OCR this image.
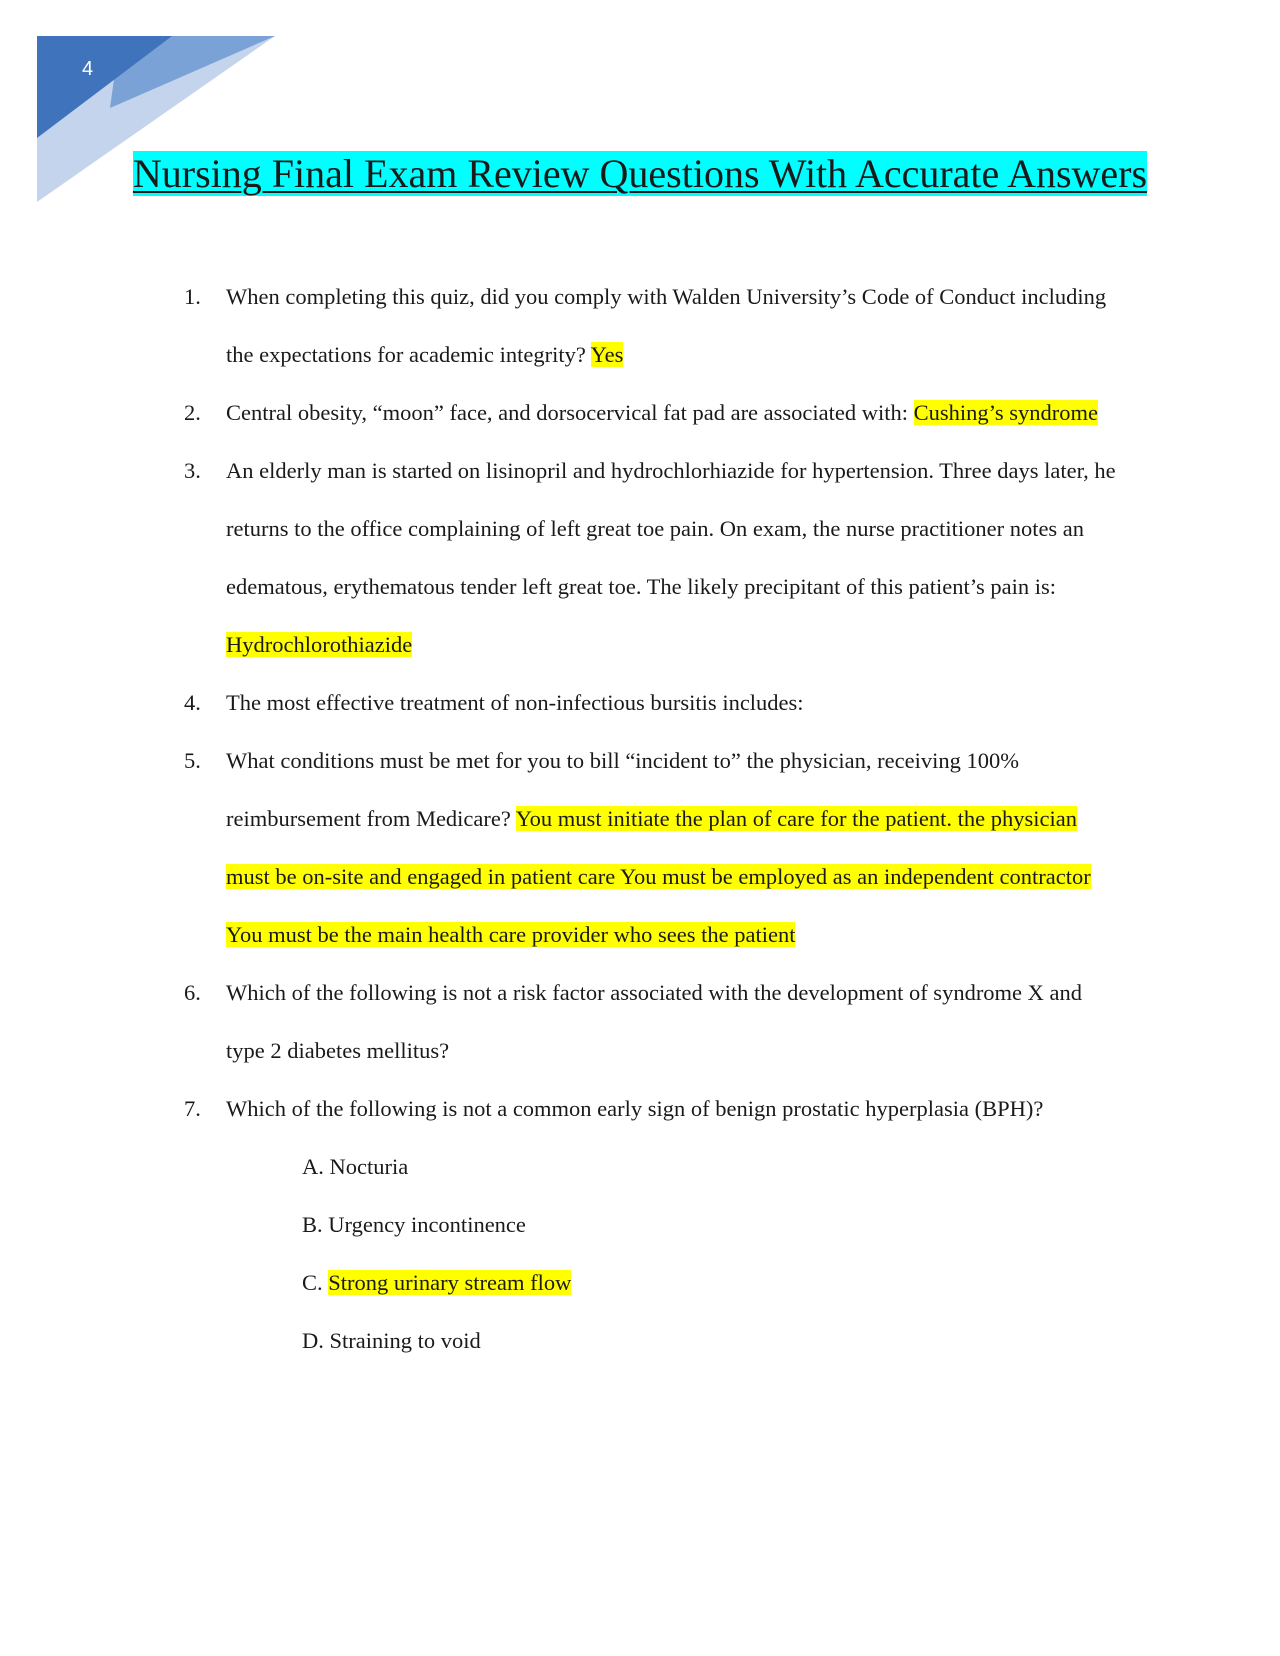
4
Nursing Final Exam Review Questions With Accurate Answers
1. When completing this quiz, did you comply with Walden University’s Code of Conduct including the expectations for academic integrity? Yes
2. Central obesity, “moon” face, and dorsocervical fat pad are associated with: Cushing’s syndrome
3. An elderly man is started on lisinopril and hydrochlorhiazide for hypertension. Three days later, he returns to the office complaining of left great toe pain. On exam, the nurse practitioner notes an edematous, erythematous tender left great toe. The likely precipitant of this patient’s pain is: Hydrochlorothiazide
4. The most effective treatment of non-infectious bursitis includes:
5. What conditions must be met for you to bill “incident to” the physician, receiving 100% reimbursement from Medicare? You must initiate the plan of care for the patient. the physician must be on-site and engaged in patient care You must be employed as an independent contractor You must be the main health care provider who sees the patient
6. Which of the following is not a risk factor associated with the development of syndrome X and type 2 diabetes mellitus?
7. Which of the following is not a common early sign of benign prostatic hyperplasia (BPH)?
A. Nocturia
B. Urgency incontinence
C. Strong urinary stream flow
D. Straining to void
